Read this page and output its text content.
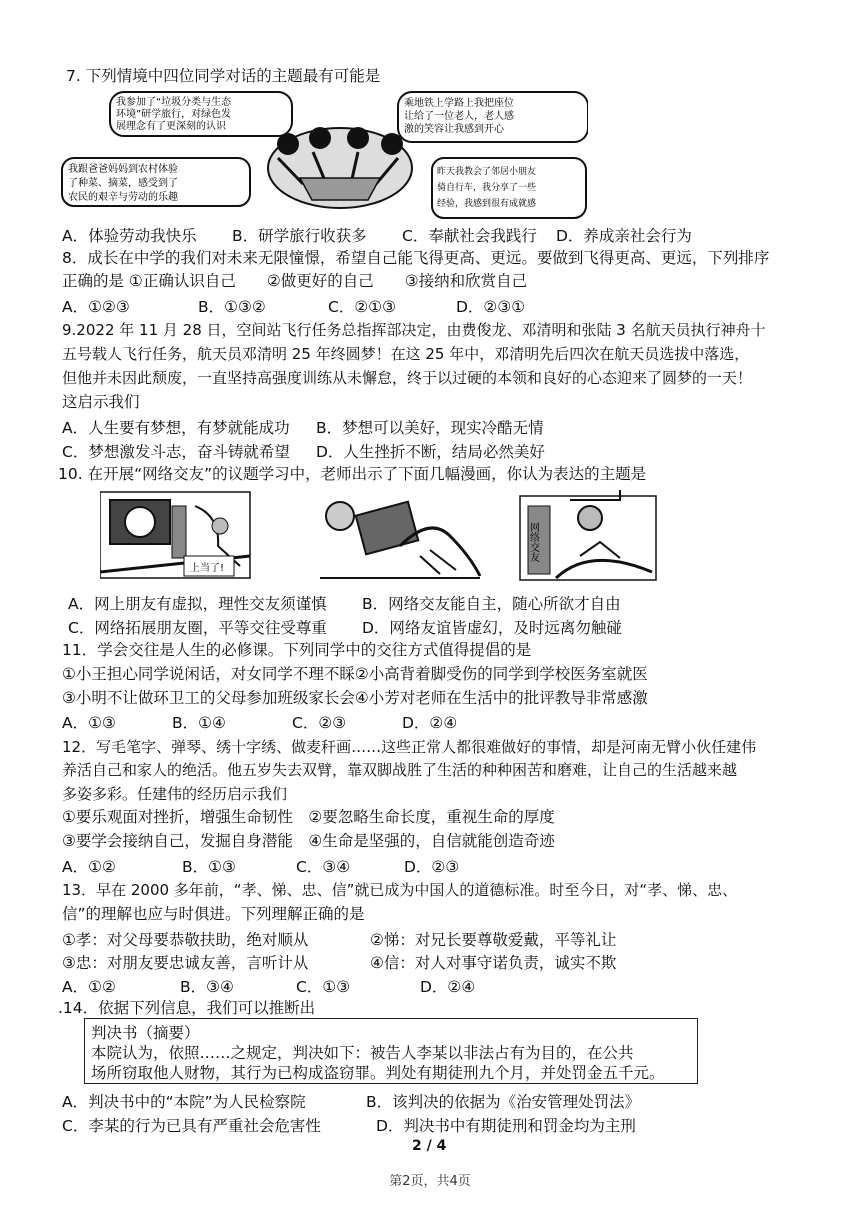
7. 下列情境中四位同学对话的主题最有可能是
我参加了“垃圾分类与生态
环境”研学旅行，对绿色发
展理念有了更深刻的认识
乘地铁上学路上我把座位
让给了一位老人，老人感
激的笑容让我感到开心
我跟爸爸妈妈到农村体验
了种菜、摘菜，感受到了
农民的艰辛与劳动的乐趣
昨天我教会了邻居小朋友
骑自行车，我分享了一些
经验，我感到很有成就感
A．体验劳动我快乐 B．研学旅行收获多 C．奉献社会我践行 D．养成亲社会行为
8．成长在中学的我们对未来无限憧憬，希望自己能飞得更高、更远。要做到飞得更高、更远，下列排序
正确的是 ①正确认识自己　　②做更好的自己　　③接纳和欣赏自己
A．①②③	B．①③②	C．②①③	D．②③①
9.2022 年 11 月 28 日，空间站飞行任务总指挥部决定，由费俊龙、邓清明和张陆 3 名航天员执行神舟十
五号载人飞行任务，航天员邓清明 25 年终圆梦！在这 25 年中，邓清明先后四次在航天员选拔中落选，
但他并未因此颓废，一直坚持高强度训练从未懈怠，终于以过硬的本领和良好的心态迎来了圆梦的一天！
这启示我们
A．人生要有梦想，有梦就能成功 B．梦想可以美好，现实冷酷无情
C．梦想激发斗志，奋斗铸就希望 D．人生挫折不断，结局必然美好
10. 在开展“网络交友”的议题学习中，老师出示了下面几幅漫画，你认为表达的主题是
上当了!
网络交友
A．网上朋友有虚拟，理性交友须谨慎 B．网络交友能自主，随心所欲才自由
C．网络拓展朋友圈，平等交往受尊重 D．网络友谊皆虚幻，及时远离勿触碰
11．学会交往是人生的必修课。下列同学中的交往方式值得提倡的是
①小王担心同学说闲话，对女同学不理不睬②小高背着脚受伤的同学到学校医务室就医
③小明不让做环卫工的父母参加班级家长会④小芳对老师在生活中的批评教导非常感激
A．①③	B．①④	C．②③	D．②④
12．写毛笔字、弹琴、绣十字绣、做麦秆画……这些正常人都很难做好的事情，却是河南无臂小伙任建伟
养活自己和家人的绝活。他五岁失去双臂，靠双脚战胜了生活的种种困苦和磨难，让自己的生活越来越
多姿多彩。任建伟的经历启示我们
①要乐观面对挫折，增强生命韧性　②要忽略生命长度，重视生命的厚度
③要学会接纳自己，发掘自身潜能　④生命是坚强的，自信就能创造奇迹
A．①②	B．①③	C．③④	D．②③
13．早在 2000 多年前，“孝、悌、忠、信”就已成为中国人的道德标准。时至今日，对“孝、悌、忠、
信”的理解也应与时俱进。下列理解正确的是
①孝：对父母要恭敬扶助，绝对顺从	②悌：对兄长要尊敬爱戴，平等礼让
③忠：对朋友要忠诚友善，言听计从	④信：对人对事守诺负责，诚实不欺
A．①②	B．③④	C．①③	D．②④
.14．依据下列信息，我们可以推断出
判决书（摘要）
本院认为，依照……之规定，判决如下：被告人李某以非法占有为目的，在公共
场所窃取他人财物，其行为已构成盗窃罪。判处有期徒刑九个月，并处罚金五千元。
A．判决书中的“本院”为人民检察院	B．该判决的依据为《治安管理处罚法》
C．李某的行为已具有严重社会危害性	D．判决书中有期徒刑和罚金均为主刑
2 / 4
第2页，共4页
